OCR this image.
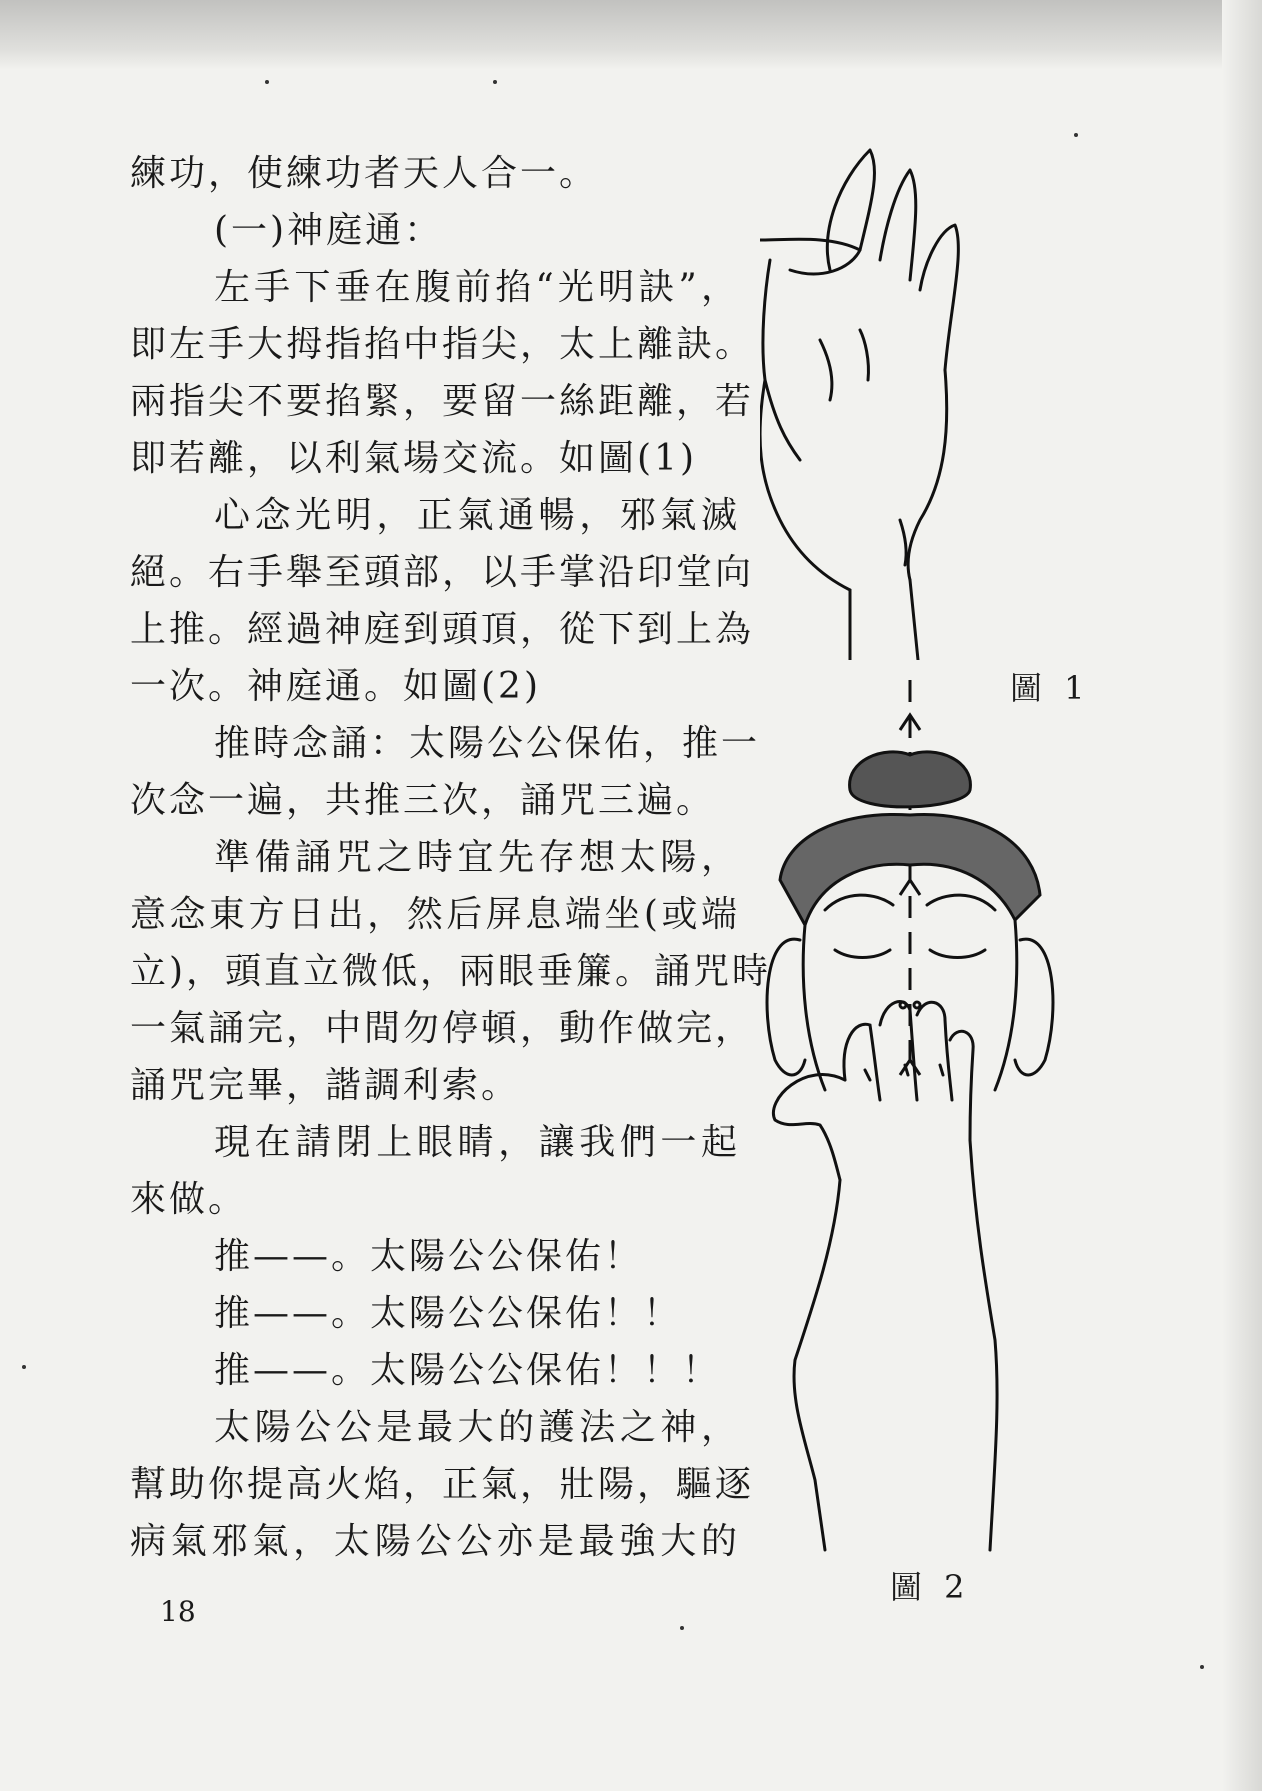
練功，使練功者天人合一。
(一)神庭通：
左手下垂在腹前掐“光明訣”，
即左手大拇指掐中指尖，太上離訣。
兩指尖不要掐緊，要留一絲距離，若
即若離，以利氣場交流。如圖(1)
心念光明，正氣通暢，邪氣滅
絕。右手舉至頭部，以手掌沿印堂向
上推。經過神庭到頭頂，從下到上為
一次。神庭通。如圖(2)
推時念誦：太陽公公保佑，推一
次念一遍，共推三次，誦咒三遍。
準備誦咒之時宜先存想太陽，
意念東方日出，然后屏息端坐(或端
立)，頭直立微低，兩眼垂簾。誦咒時
一氣誦完，中間勿停頓，動作做完，
誦咒完畢，諧調利索。
現在請閉上眼睛，讓我們一起
來做。
推——。太陽公公保佑！
推——。太陽公公保佑！！
推——。太陽公公保佑！！！
太陽公公是最大的護法之神，
幫助你提高火焰，正氣，壯陽，驅逐
病氣邪氣，太陽公公亦是最強大的
18
圖 1
圖 2
